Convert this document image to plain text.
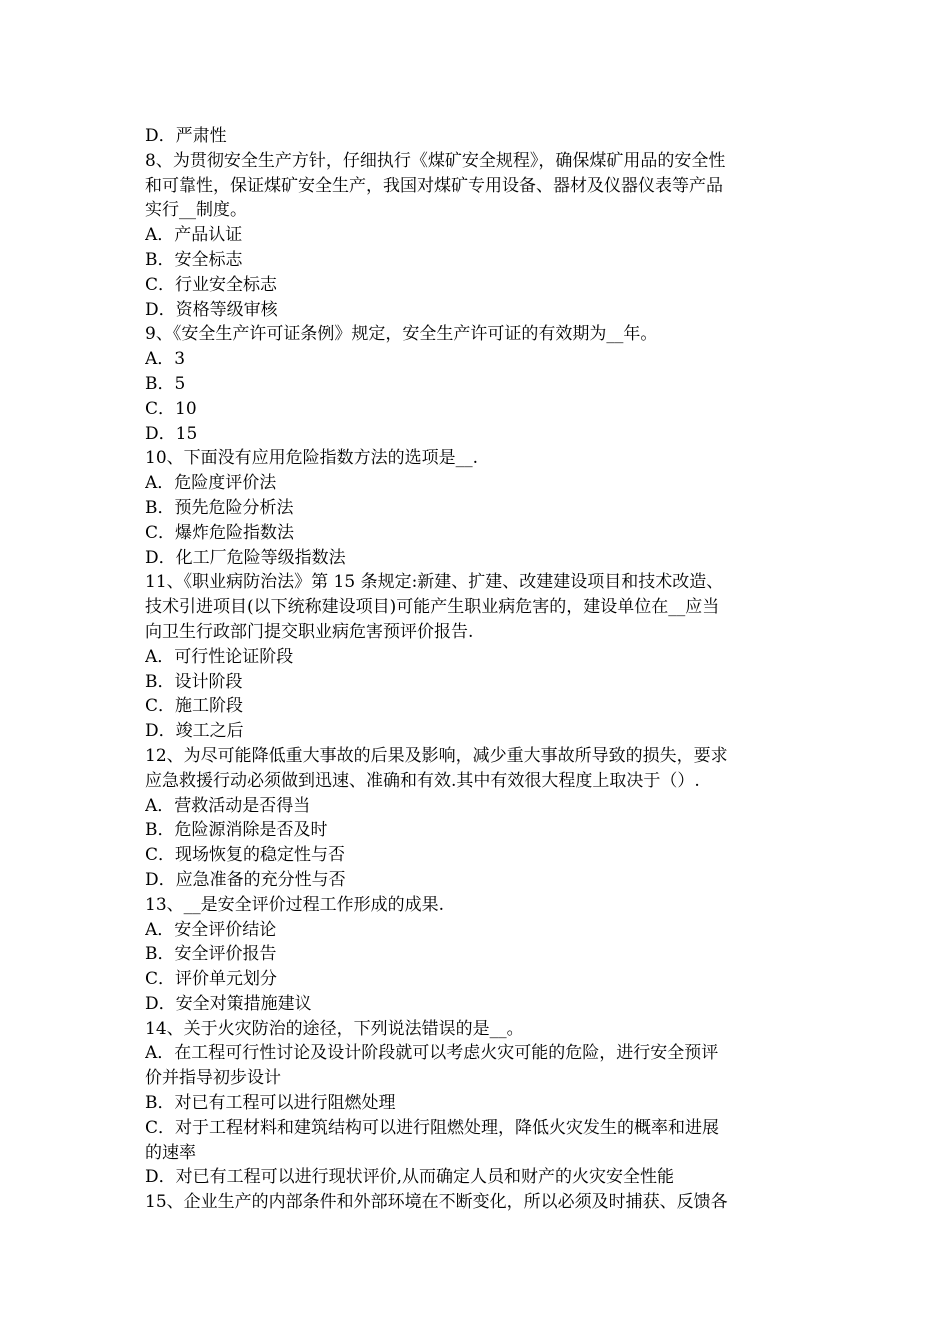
D．严肃性
8、为贯彻安全生产方针，仔细执行《煤矿安全规程》，确保煤矿用品的安全性
和可靠性，保证煤矿安全生产，我国对煤矿专用设备、器材及仪器仪表等产品
实行__制度。
A．产品认证
B．安全标志
C．行业安全标志
D．资格等级审核
9、《安全生产许可证条例》规定，安全生产许可证的有效期为__年。
A．3
B．5
C．10
D．15
10、下面没有应用危险指数方法的选项是__.
A．危险度评价法
B．预先危险分析法
C．爆炸危险指数法
D．化工厂危险等级指数法
11、《职业病防治法》第 15 条规定:新建、扩建、改建建设项目和技术改造、
技术引进项目(以下统称建设项目)可能产生职业病危害的，建设单位在__应当
向卫生行政部门提交职业病危害预评价报告.
A．可行性论证阶段
B．设计阶段
C．施工阶段
D．竣工之后
12、为尽可能降低重大事故的后果及影响，减少重大事故所导致的损失，要求
应急救援行动必须做到迅速、准确和有效.其中有效很大程度上取决于（）.
A．营救活动是否得当
B．危险源消除是否及时
C．现场恢复的稳定性与否
D．应急准备的充分性与否
13、__是安全评价过程工作形成的成果.
A．安全评价结论
B．安全评价报告
C．评价单元划分
D．安全对策措施建议
14、关于火灾防治的途径，下列说法错误的是__。
A．在工程可行性讨论及设计阶段就可以考虑火灾可能的危险，进行安全预评
价并指导初步设计
B．对已有工程可以进行阻燃处理
C．对于工程材料和建筑结构可以进行阻燃处理，降低火灾发生的概率和进展
的速率
D．对已有工程可以进行现状评价,从而确定人员和财产的火灾安全性能
15、企业生产的内部条件和外部环境在不断变化，所以必须及时捕获、反馈各
